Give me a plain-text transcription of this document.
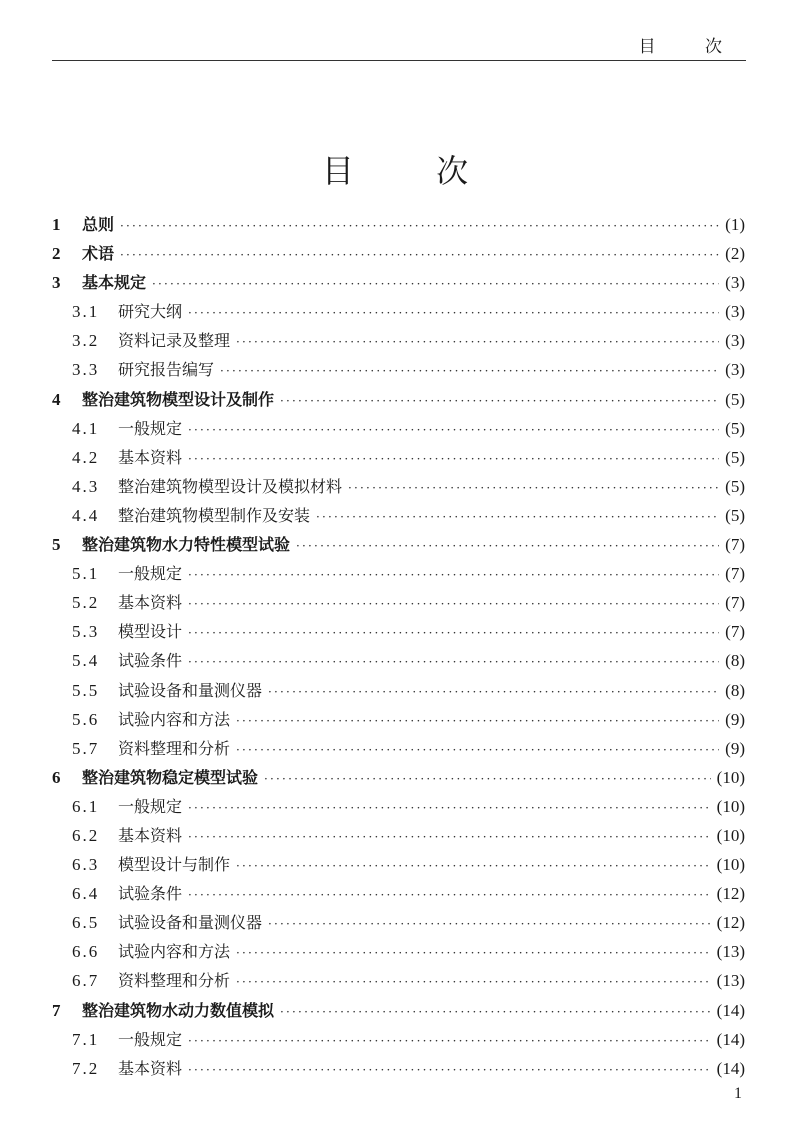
目 次
目 次
1	总则 ·····	(1)
2	术语 ·····	(2)
3	基本规定 ·····	(3)
3.1	研究大纲 ·····	(3)
3.2	资料记录及整理 ·····	(3)
3.3	研究报告编写 ·····	(3)
4	整治建筑物模型设计及制作 ·····	(5)
4.1	一般规定 ·····	(5)
4.2	基本资料 ·····	(5)
4.3	整治建筑物模型设计及模拟材料 ·····	(5)
4.4	整治建筑物模型制作及安装 ·····	(5)
5	整治建筑物水力特性模型试验 ·····	(7)
5.1	一般规定 ·····	(7)
5.2	基本资料 ·····	(7)
5.3	模型设计 ·····	(7)
5.4	试验条件 ·····	(8)
5.5	试验设备和量测仪器 ·····	(8)
5.6	试验内容和方法 ·····	(9)
5.7	资料整理和分析 ·····	(9)
6	整治建筑物稳定模型试验 ·····	(10)
6.1	一般规定 ·····	(10)
6.2	基本资料 ·····	(10)
6.3	模型设计与制作 ·····	(10)
6.4	试验条件 ·····	(12)
6.5	试验设备和量测仪器 ·····	(12)
6.6	试验内容和方法 ·····	(13)
6.7	资料整理和分析 ·····	(13)
7	整治建筑物水动力数值模拟 ·····	(14)
7.1	一般规定 ·····	(14)
7.2	基本资料 ·····	(14)
1
